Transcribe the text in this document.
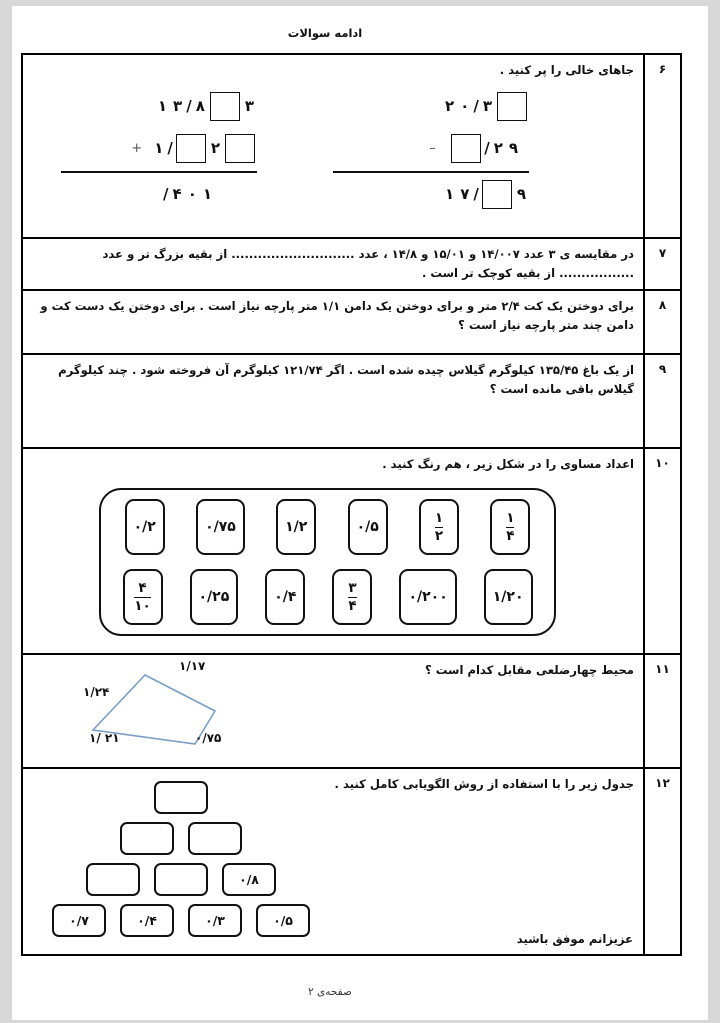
ادامه سوالات
۶
جاهای خالی را پر کنید .
۱ ۳ / ۸	۳
+ ۱ /	۲
/ ۴ ۰ ۱
۲ ۰ / ۳
–	/ ۲ ۹
۱ ۷ /	۹
۷
در مقایسه ی ۳ عدد ۱۴/۰۰۷ و ۱۵/۰۱ و ۱۴/۸ ، عدد ............................ از بقیه بزرگ تر و عدد ................. از بقیه کوچک تر است .
۸
برای دوختن یک کت ۲/۴ متر و برای دوختن یک دامن ۱/۱ متر پارچه نیاز است . برای دوختن یک دست کت و دامن چند متر پارچه نیاز است ؟
۹
از یک باغ ۱۳۵/۴۵ کیلوگرم گیلاس چیده شده است . اگر ۱۲۱/۷۴ کیلوگرم آن فروخته شود . چند کیلوگرم گیلاس باقی مانده است ؟
۱۰
اعداد مساوی را در شکل زیر ، هم رنگ کنید .
$\frac{۱}{۴}$
$\frac{۱}{۲}$
۰/۵
۱/۲
۰/۷۵
۰/۲
۱/۲۰
۰/۲۰۰
$\frac{۳}{۴}$
۰/۴
۰/۲۵
$\frac{۴}{۱۰}$
۱۱
محیط چهارضلعی مقابل کدام است ؟
۱/۱۷
۱/۲۴
۱/ ۲۱	۰/۷۵
۱۲
جدول زیر را با استفاده از روش الگویابی کامل کنید .
۰/۸
۰/۷	۰/۴	۰/۳	۰/۵
عزیزانم موفق باشید
صفحه‌ی ۲
